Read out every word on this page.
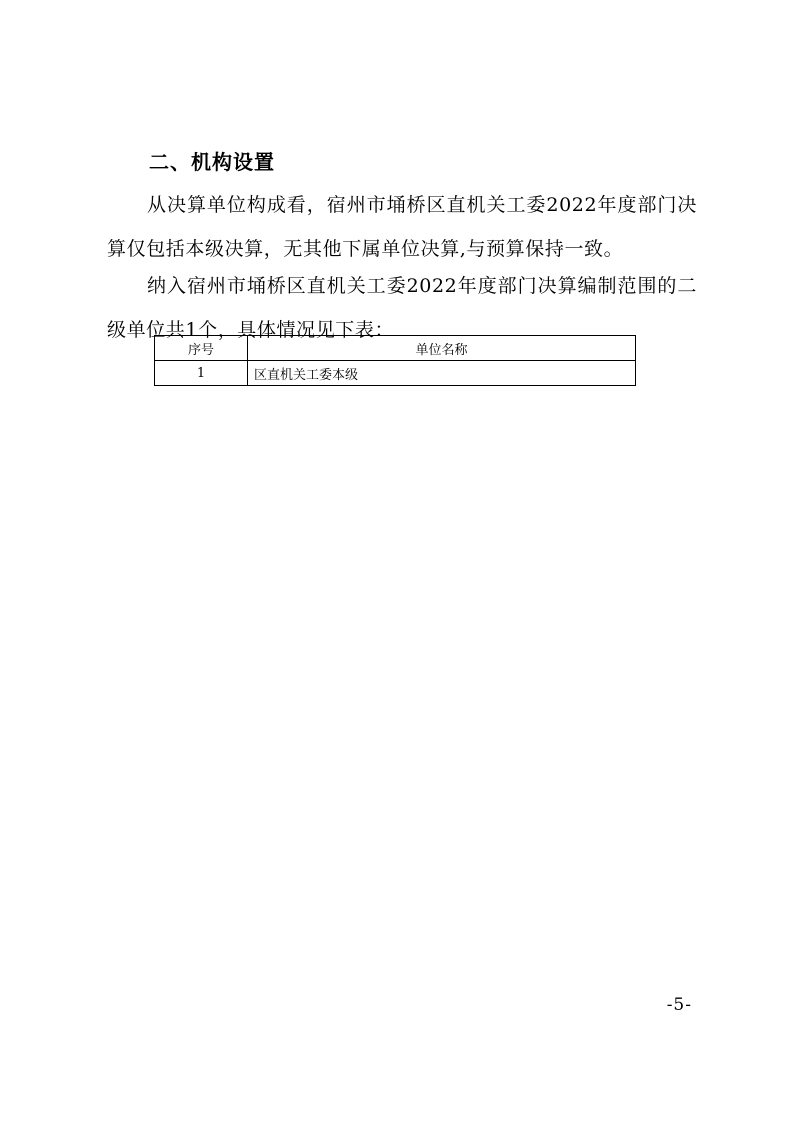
二、机构设置

从决算单位构成看，宿州市埇桥区直机关工委2022年度部门决算仅包括本级决算，无其他下属单位决算,与预算保持一致。

纳入宿州市埇桥区直机关工委2022年度部门决算编制范围的二级单位共1个，具体情况见下表：

序号	单位名称
1	区直机关工委本级
-5-
